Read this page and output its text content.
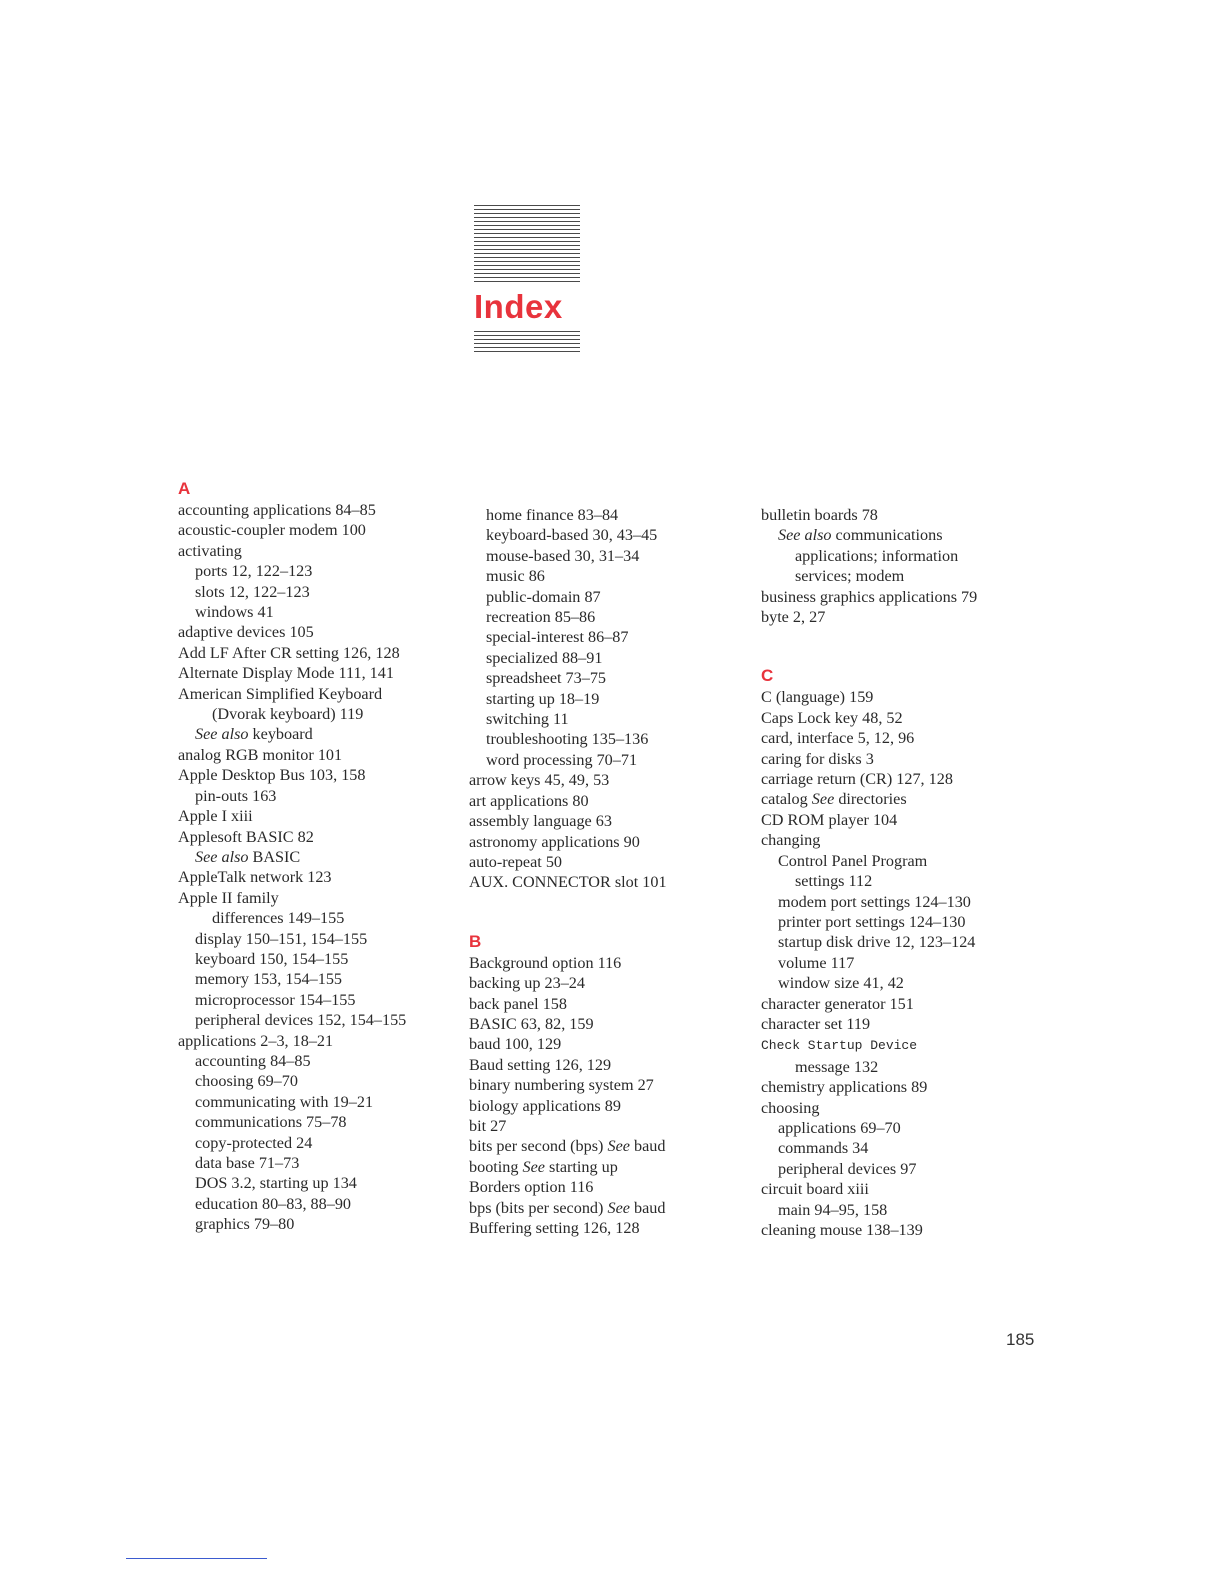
Index
A
accounting applications 84–85
acoustic-coupler modem 100
activating
ports 12, 122–123
slots 12, 122–123
windows 41
adaptive devices 105
Add LF After CR setting 126, 128
Alternate Display Mode 111, 141
American Simplified Keyboard
(Dvorak keyboard) 119
See also keyboard
analog RGB monitor 101
Apple Desktop Bus 103, 158
pin-outs 163
Apple I xiii
Applesoft BASIC 82
See also BASIC
AppleTalk network 123
Apple II family
differences 149–155
display 150–151, 154–155
keyboard 150, 154–155
memory 153, 154–155
microprocessor 154–155
peripheral devices 152, 154–155
applications 2–3, 18–21
accounting 84–85
choosing 69–70
communicating with 19–21
communications 75–78
copy-protected 24
data base 71–73
DOS 3.2, starting up 134
education 80–83, 88–90
graphics 79–80
home finance 83–84
keyboard-based 30, 43–45
mouse-based 30, 31–34
music 86
public-domain 87
recreation 85–86
special-interest 86–87
specialized 88–91
spreadsheet 73–75
starting up 18–19
switching 11
troubleshooting 135–136
word processing 70–71
arrow keys 45, 49, 53
art applications 80
assembly language 63
astronomy applications 90
auto-repeat 50
AUX. CONNECTOR slot 101
B
Background option 116
backing up 23–24
back panel 158
BASIC 63, 82, 159
baud 100, 129
Baud setting 126, 129
binary numbering system 27
biology applications 89
bit 27
bits per second (bps) See baud
booting See starting up
Borders option 116
bps (bits per second) See baud
Buffering setting 126, 128
bulletin boards 78
See also communications
applications; information
services; modem
business graphics applications 79
byte 2, 27
C
C (language) 159
Caps Lock key 48, 52
card, interface 5, 12, 96
caring for disks 3
carriage return (CR) 127, 128
catalog See directories
CD ROM player 104
changing
Control Panel Program
settings 112
modem port settings 124–130
printer port settings 124–130
startup disk drive 12, 123–124
volume 117
window size 41, 42
character generator 151
character set 119
Check Startup Device
message 132
chemistry applications 89
choosing
applications 69–70
commands 34
peripheral devices 97
circuit board xiii
main 94–95, 158
cleaning mouse 138–139
185
